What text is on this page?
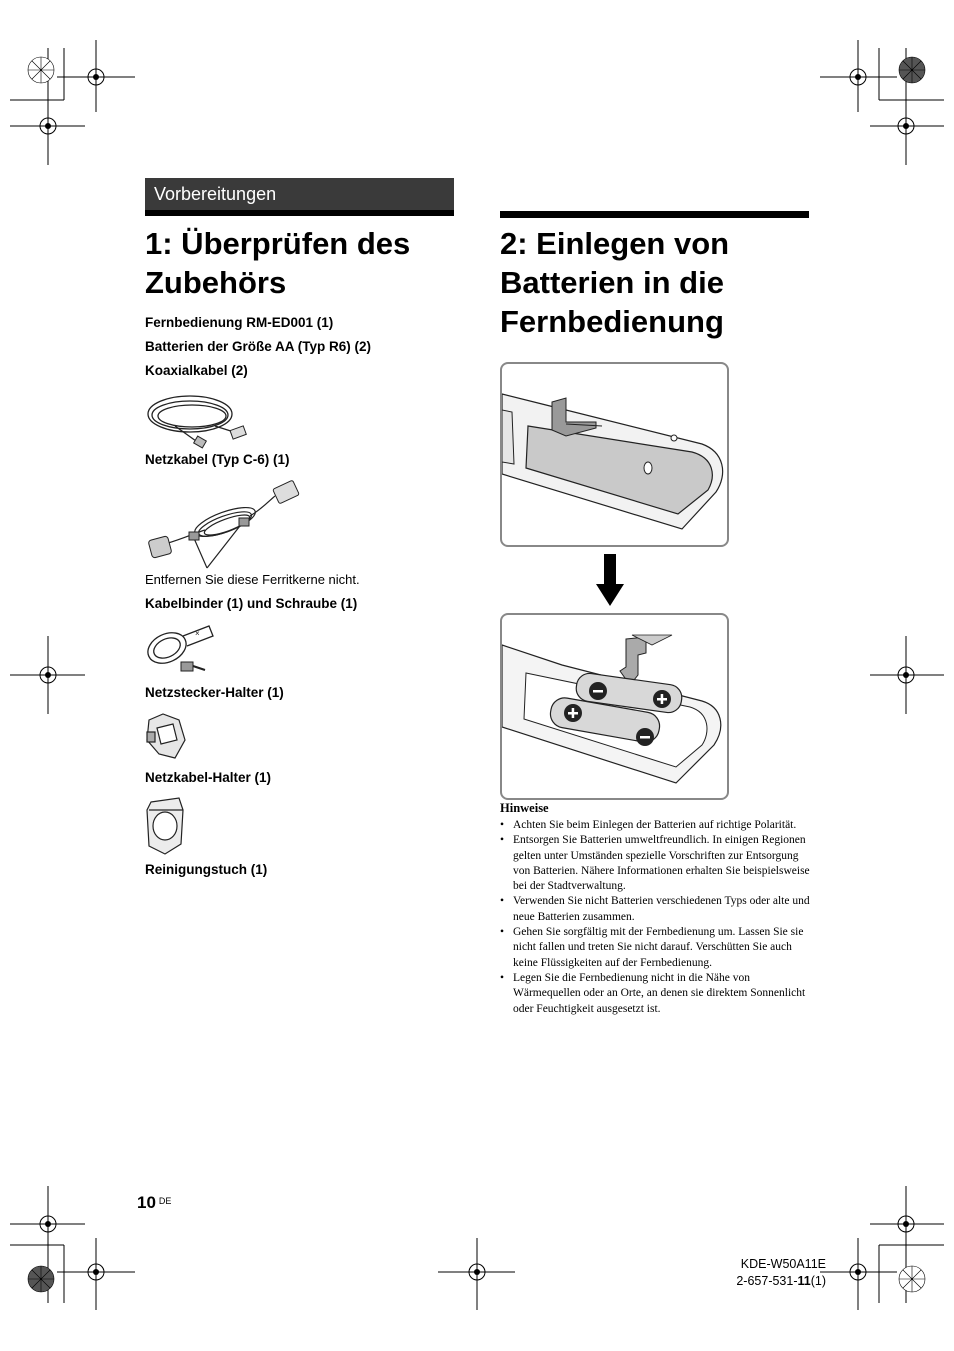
Vorbereitungen
1: Überprüfen des
Zubehörs
2: Einlegen von
Batterien in die
Fernbedienung
Fernbedienung RM-ED001 (1)
Batterien der Größe AA (Typ R6) (2)
Koaxialkabel (2)
Netzkabel (Typ C-6) (1)
Entfernen Sie diese Ferritkerne nicht.
Kabelbinder (1) und Schraube (1)
×
Netzstecker-Halter (1)
Netzkabel-Halter (1)
Reinigungstuch (1)
Hinweise
• Achten Sie beim Einlegen der Batterien auf richtige Polarität.
• Entsorgen Sie Batterien umweltfreundlich. In einigen Regionen gelten unter Umständen spezielle Vorschriften zur Entsorgung von Batterien. Nähere Informationen erhalten Sie beispielsweise bei der Stadtverwaltung.
• Verwenden Sie nicht Batterien verschiedenen Typs oder alte und neue Batterien zusammen.
• Gehen Sie sorgfältig mit der Fernbedienung um. Lassen Sie sie nicht fallen und treten Sie nicht darauf. Verschütten Sie auch keine Flüssigkeiten auf der Fernbedienung.
• Legen Sie die Fernbedienung nicht in die Nähe von Wärmequellen oder an Orte, an denen sie direktem Sonnenlicht oder Feuchtigkeit ausgesetzt ist.
10 $^{DE}$
KDE-W50A11E
2-657-531-11(1)
